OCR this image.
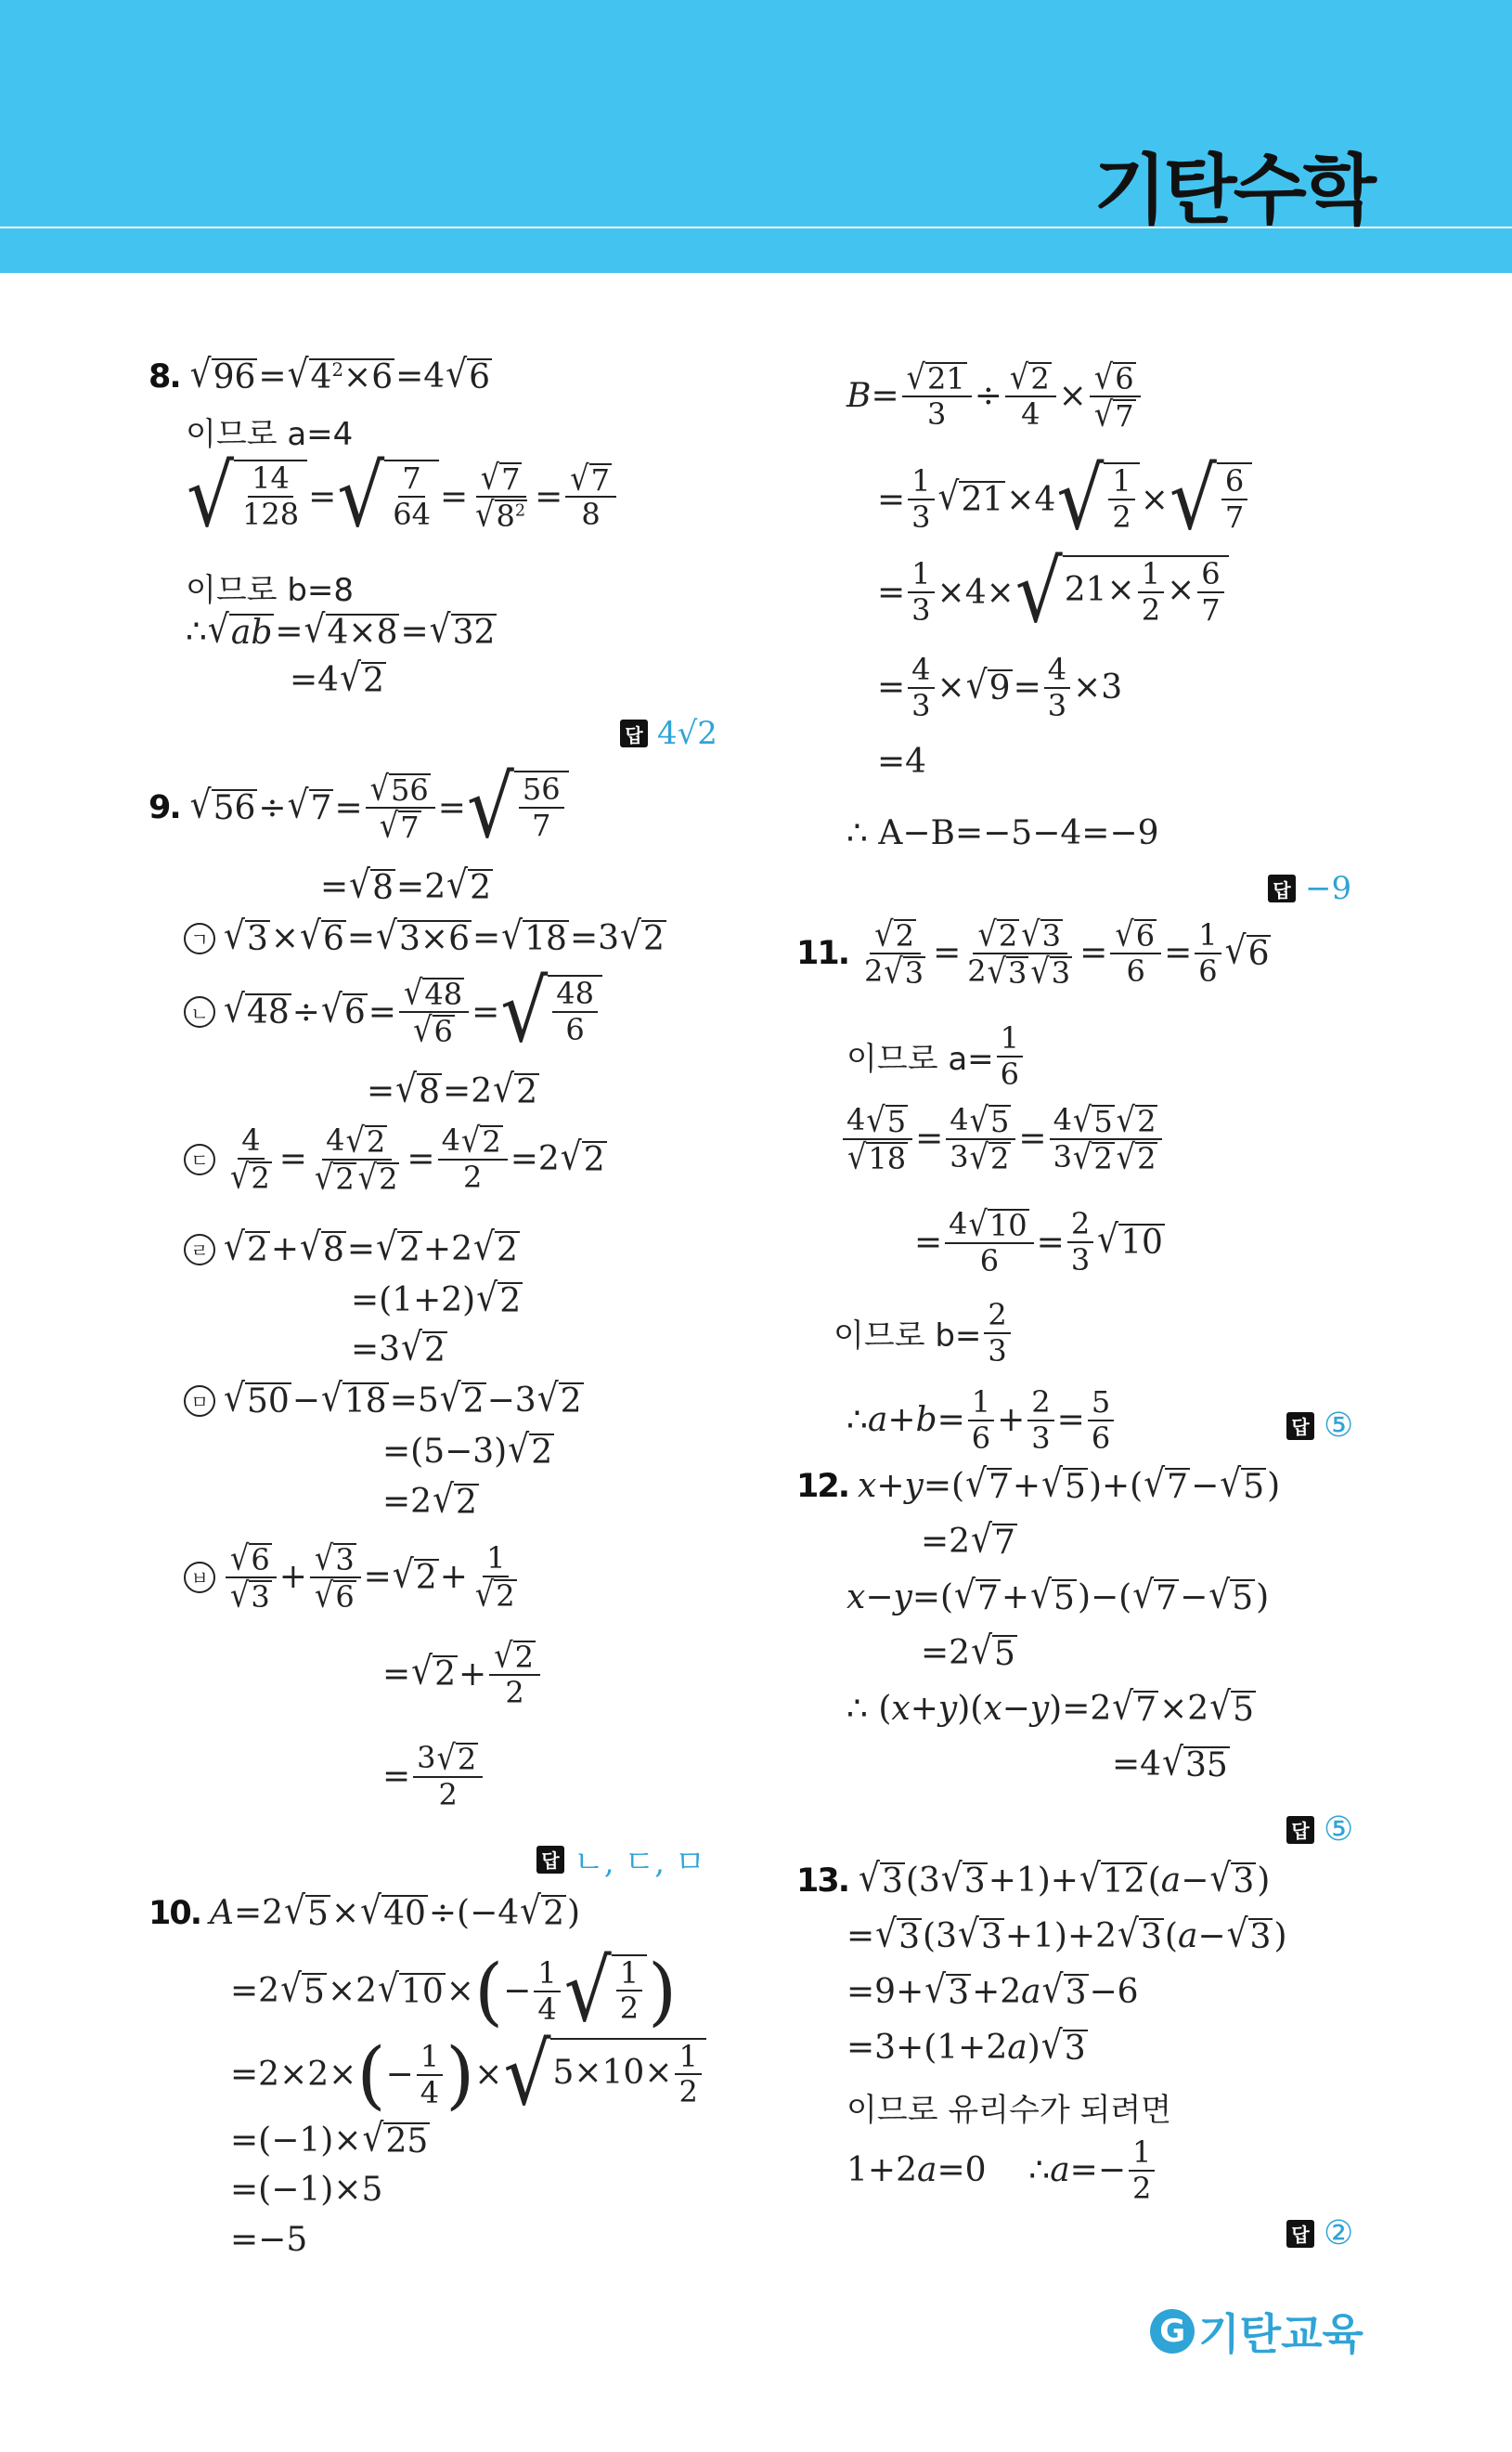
기탄수학
8. √ 96 = √ $4^2\times 6 =4$ √ 6
이므로 a=4
√ $\frac{14}{128}$ = √ $\frac{7}{64} = \frac{√ 7}{√ 8^2} = \frac{√ 7}{8}$
이므로 b=8
∴ √ ab = √ 4×8 = √ 32
=4 √ 2
답 4√2
9. √ 56 ÷ √ $7 = \frac{√ 56}{√ 7}$ = √ $\frac{56}{7}$
= √ 8 =2 √ 2
ㄱ √ 3 × √ 6 = √ 3×6 = √ 18 =3 √ 2
ㄴ √ 48 ÷ √ $6 = \frac{√ 48}{√ 6}$ = √ $\frac{48}{6}$
= √ 8 =2 √ 2
ㄷ $\frac{4}{√ 2} = \frac{4 √ 2}{√ 2 √ 2} = \frac{4 √ 2}{2} =2$ √ 2
ㄹ √ 2 + √ 8 = √ 2 +2 √ 2
=(1+2) √ 2
=3 √ 2
ㅁ √ 50 − √ 18 =5 √ 2 −3 √ 2
=(5−3) √ 2
=2 √ 2
ㅂ $\frac{√ 6}{√ 3} + \frac{√ 3}{√ 6}$ = √ $2 + \frac{1}{√ 2}$
= √ $2 + \frac{√ 2}{2}$
= $\frac{3 √ 2}{2}$
답 ㄴ, ㄷ, ㅁ
10. A =2 √ 5 × √ 40 ÷(−4 √ 2 )
=2 √ 5 ×2 √ 10 × ( − $\frac{1}{4}$ √ $\frac{1}{2}$ )
=2×2× ( − $\frac{1}{4}$ ) × √ $5\times 10\times \frac{1}{2}$
=(−1)× √ 25
=(−1)×5
=−5
$B = \frac{√ 21}{3} \div \frac{√ 2}{4} \times \frac{√ 6}{√ 7}$
= $\frac{1}{3}$ √ 21 ×4 √ $\frac{1}{2}$ × √ $\frac{6}{7}$
= $\frac{1}{3} \times 4\times$ √ $21\times \frac{1}{2} \times \frac{6}{7}$
= $\frac{4}{3}$ × √ $9 = \frac{4}{3} \times 3$
=4
∴ A−B=−5−4=−9
답 −9
11. $\frac{√ 2}{2 √ 3} = \frac{√ 2 √ 3}{2 √ 3 √ 3} = \frac{√ 6}{6} = \frac{1}{6}$ √ 6
이므로 $a= \frac{1}{6}$
$\frac{4 √ 5}{√ 18} = \frac{4 √ 5}{3 √ 2} = \frac{4 √ 5 √ 2}{3 √ 2 √ 2}$
= $\frac{4 √ 10}{6} = \frac{2}{3}$ √ 10
이므로 $b= \frac{2}{3}$
∴ $a + b = \frac{1}{6} + \frac{2}{3} = \frac{5}{6}$	답 ⑤
12. x + y =( √ 7 + √ 5 )+( √ 7 − √ 5 )
=2 √ 7
x − y =( √ 7 + √ 5 )−( √ 7 − √ 5 )
=2 √ 5
∴ ( x + y )( x − y )=2 √ 7 ×2 √ 5
=4 √ 35
답 ⑤
13. √ 3 (3 √ 3 +1)+ √ 12 ( a − √ 3 )
= √ 3 (3 √ 3 +1)+2 √ 3 ( a − √ 3 )
=9+ √ 3 +2 a √ 3 −6
=3+(1+2 a ) √ 3
이므로 유리수가 되려면
1+2 a =0    ∴ $a =- \frac{1}{2}$
답 ②
G 기탄교육
